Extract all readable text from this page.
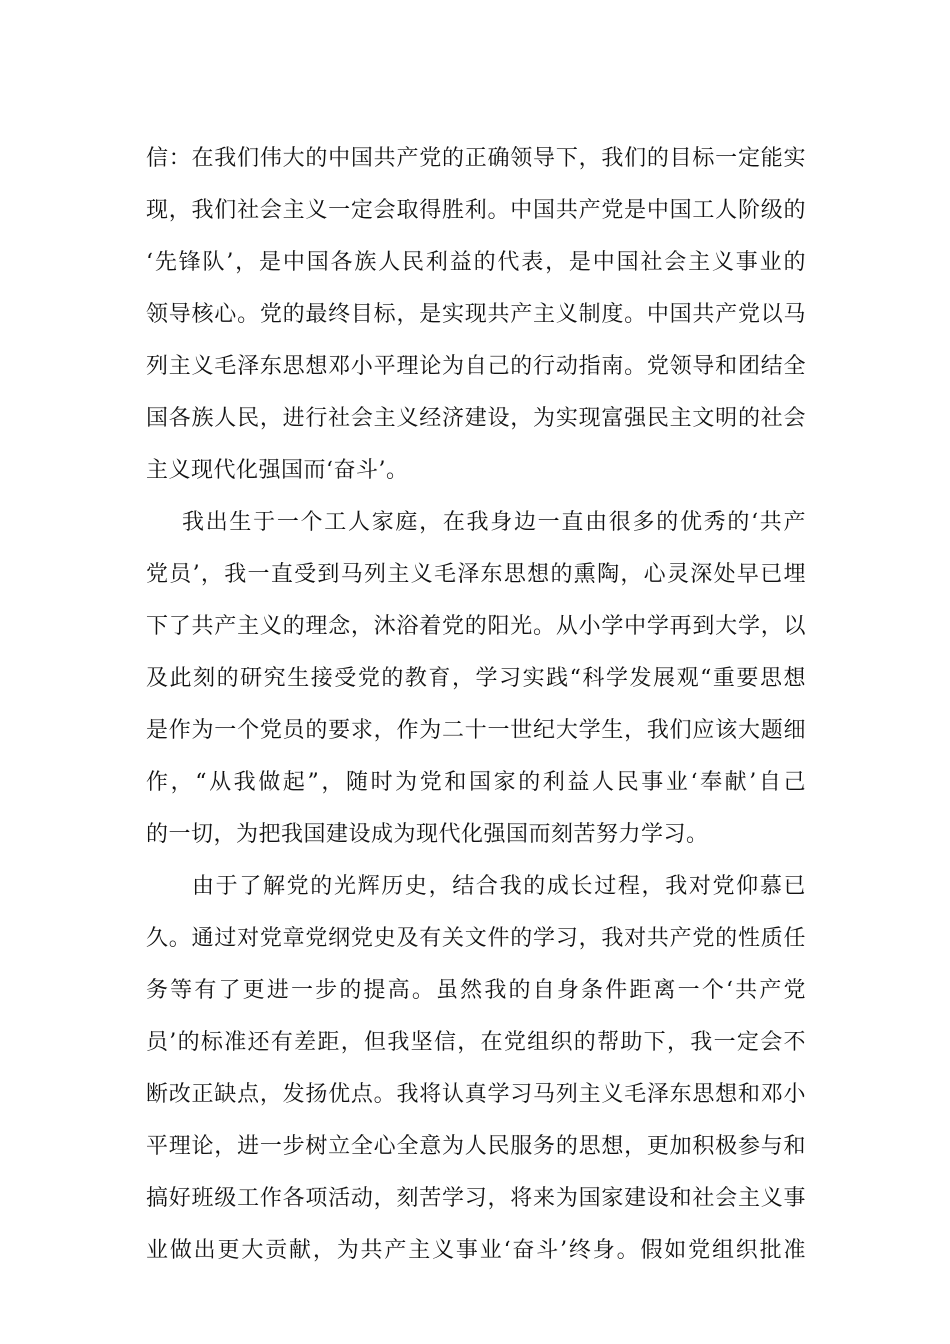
信：在我们伟大的中国共产党的正确领导下，我们的目标一定能实
现，我们社会主义一定会取得胜利。中国共产党是中国工人阶级的
‘先锋队’，是中国各族人民利益的代表，是中国社会主义事业的
领导核心。党的最终目标，是实现共产主义制度。中国共产党以马
列主义毛泽东思想邓小平理论为自己的行动指南。党领导和团结全
国各族人民，进行社会主义经济建设，为实现富强民主文明的社会
主义现代化强国而‘奋斗’。
我出生于一个工人家庭，在我身边一直由很多的优秀的‘共产
党员’，我一直受到马列主义毛泽东思想的熏陶，心灵深处早已埋
下了共产主义的理念，沐浴着党的阳光。从小学中学再到大学，以
及此刻的研究生接受党的教育，学习实践“科学发展观“重要思想
是作为一个党员的要求，作为二十一世纪大学生，我们应该大题细
作，“从我做起”，随时为党和国家的利益人民事业‘奉献’自己
的一切，为把我国建设成为现代化强国而刻苦努力学习。
由于了解党的光辉历史，结合我的成长过程，我对党仰慕已
久。通过对党章党纲党史及有关文件的学习，我对共产党的性质任
务等有了更进一步的提高。虽然我的自身条件距离一个‘共产党
员’的标准还有差距，但我坚信，在党组织的帮助下，我一定会不
断改正缺点，发扬优点。我将认真学习马列主义毛泽东思想和邓小
平理论，进一步树立全心全意为人民服务的思想，更加积极参与和
搞好班级工作各项活动，刻苦学习，将来为国家建设和社会主义事
业做出更大贡献，为共产主义事业‘奋斗’终身。假如党组织批准
